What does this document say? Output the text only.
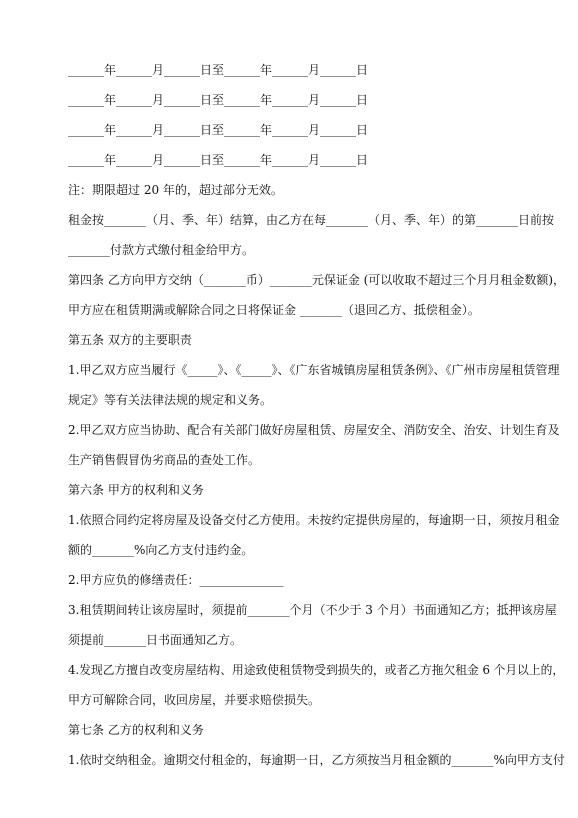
______年______月______日至______年______月______日
______年______月______日至______年______月______日
______年______月______日至______年______月______日
______年______月______日至______年______月______日
注：期限超过 20 年的，超过部分无效。
租金按_______（月、季、年）结算，由乙方在每_______（月、季、年）的第_______日前按
_______付款方式缴付租金给甲方。
第四条 乙方向甲方交纳（_______币）_______元保证金 (可以收取不超过三个月月租金数额)，
甲方应在租赁期满或解除合同之日将保证金 _______（退回乙方、抵偿租金）。
第五条 双方的主要职责
1.甲乙双方应当履行《_____》、《_____》、《广东省城镇房屋租赁条例》、《广州市房屋租赁管理
规定》等有关法律法规的规定和义务。
2.甲乙双方应当协助、配合有关部门做好房屋租赁、房屋安全、消防安全、治安、计划生育及
生产销售假冒伪劣商品的查处工作。
第六条 甲方的权利和义务
1.依照合同约定将房屋及设备交付乙方使用。未按约定提供房屋的，每逾期一日，须按月租金
额的_______%向乙方支付违约金。
2.甲方应负的修缮责任：______________
3.租赁期间转让该房屋时，须提前_______个月（不少于 3 个月）书面通知乙方；抵押该房屋
须提前_______日书面通知乙方。
4.发现乙方擅自改变房屋结构、用途致使租赁物受到损失的，或者乙方拖欠租金 6 个月以上的，
甲方可解除合同，收回房屋，并要求赔偿损失。
第七条 乙方的权利和义务
1.依时交纳租金。逾期交付租金的，每逾期一日，乙方须按当月租金额的_______%向甲方支付
